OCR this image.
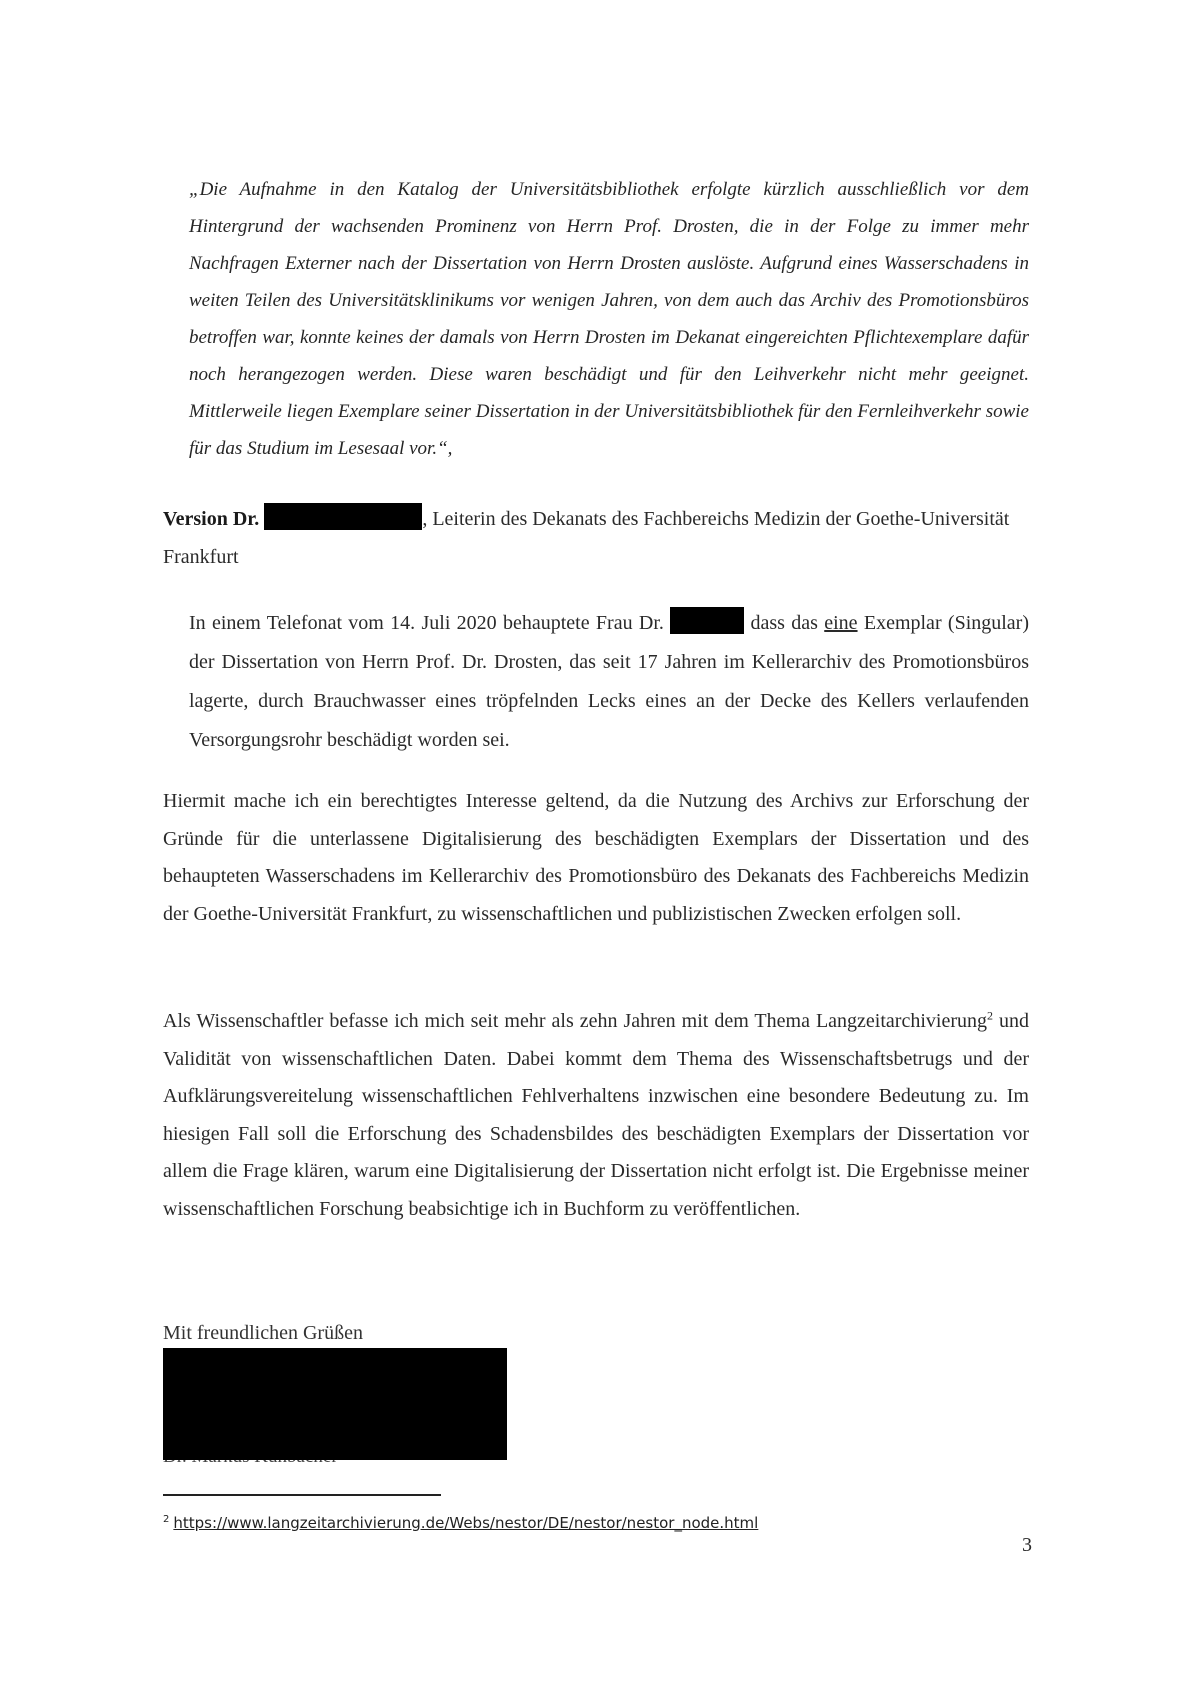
„Die Aufnahme in den Katalog der Universitätsbibliothek erfolgte kürzlich ausschließlich vor dem Hintergrund der wachsenden Prominenz von Herrn Prof. Drosten, die in der Folge zu immer mehr Nachfragen Externer nach der Dissertation von Herrn Drosten auslöste. Aufgrund eines Wasserschadens in weiten Teilen des Universitätsklinikums vor wenigen Jahren, von dem auch das Archiv des Promotionsbüros betroffen war, konnte keines der damals von Herrn Drosten im Dekanat eingereichten Pflichtexemplare dafür noch herangezogen werden. Diese waren beschädigt und für den Leihverkehr nicht mehr geeignet. Mittlerweile liegen Exemplare seiner Dissertation in der Universitätsbibliothek für den Fernleihverkehr sowie für das Studium im Lesesaal vor.“,
Version Dr.	, Leiterin des Dekanats des Fachbereichs Medizin der Goethe-Universität Frankfurt
In einem Telefonat vom 14. Juli 2020 behauptete Frau Dr.	dass das eine Exemplar (Singular) der Dissertation von Herrn Prof. Dr. Drosten, das seit 17 Jahren im Kellerarchiv des Promotionsbüros lagerte, durch Brauchwasser eines tröpfelnden Lecks eines an der Decke des Kellers verlaufenden Versorgungsrohr beschädigt worden sei.
Hiermit mache ich ein berechtigtes Interesse geltend, da die Nutzung des Archivs zur Erforschung der Gründe für die unterlassene Digitalisierung des beschädigten Exemplars der Dissertation und des behaupteten Wasserschadens im Kellerarchiv des Promotionsbüro des Dekanats des Fachbereichs Medizin der Goethe-Universität Frankfurt, zu wissenschaftlichen und publizistischen Zwecken erfolgen soll.
Als Wissenschaftler befasse ich mich seit mehr als zehn Jahren mit dem Thema Langzeitarchivierung$^2$ und Validität von wissenschaftlichen Daten. Dabei kommt dem Thema des Wissenschaftsbetrugs und der Aufklärungsvereitelung wissenschaftlichen Fehlverhaltens inzwischen eine besondere Bedeutung zu. Im hiesigen Fall soll die Erforschung des Schadensbildes des beschädigten Exemplars der Dissertation vor allem die Frage klären, warum eine Digitalisierung der Dissertation nicht erfolgt ist. Die Ergebnisse meiner wissenschaftlichen Forschung beabsichtige ich in Buchform zu veröffentlichen.
Mit freundlichen Grüßen
$^2$ https://www.langzeitarchivierung.de/Webs/nestor/DE/nestor/nestor_node.html
3
